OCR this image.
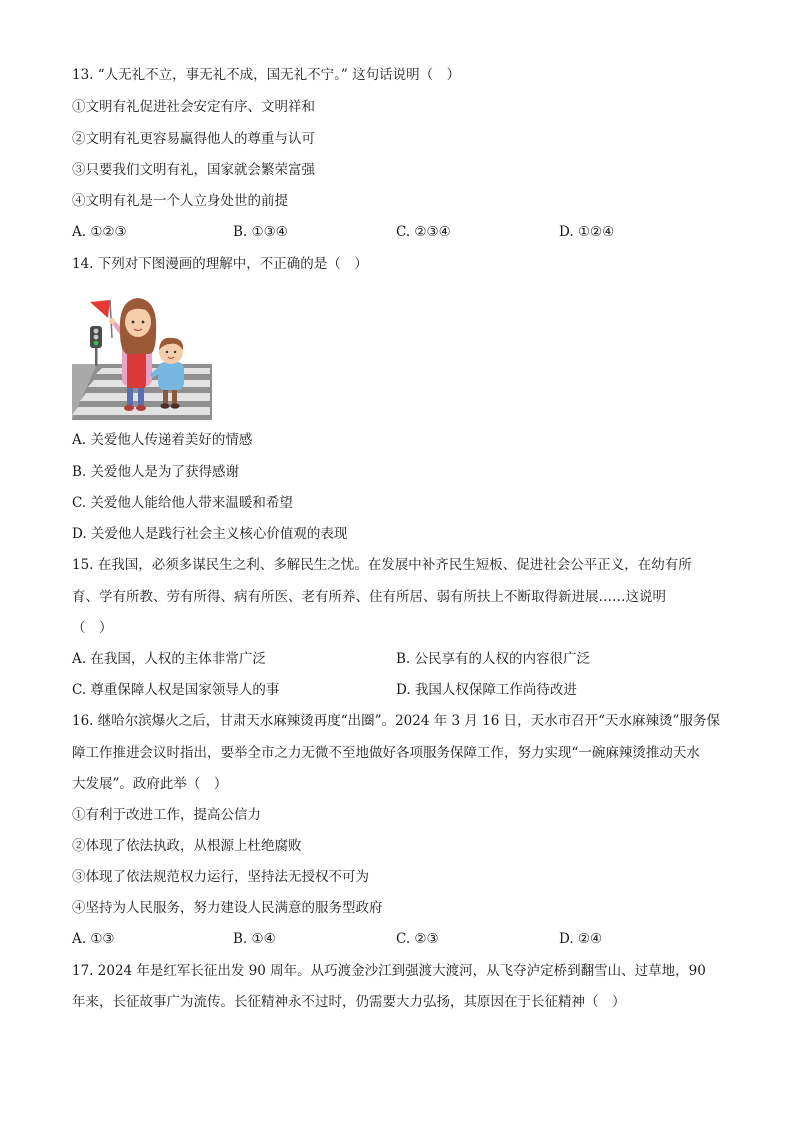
13. “人无礼不立，事无礼不成，国无礼不宁。” 这句话说明（　）
①文明有礼促进社会安定有序、文明祥和
②文明有礼更容易赢得他人的尊重与认可
③只要我们文明有礼，国家就会繁荣富强
④文明有礼是一个人立身处世的前提
A. ①②③	B. ①③④	C. ②③④	D. ①②④
14. 下列对下图漫画的理解中，不正确的是（　）
A. 关爱他人传递着美好的情感
B. 关爱他人是为了获得感谢
C. 关爱他人能给他人带来温暖和希望
D. 关爱他人是践行社会主义核心价值观的表现
15. 在我国，必须多谋民生之利、多解民生之忧。在发展中补齐民生短板、促进社会公平正义，在幼有所
育、学有所教、劳有所得、病有所医、老有所养、住有所居、弱有所扶上不断取得新进展……这说明
（　）
A. 在我国，人权的主体非常广泛	B. 公民享有的人权的内容很广泛
C. 尊重保障人权是国家领导人的事	D. 我国人权保障工作尚待改进
16. 继哈尔滨爆火之后，甘肃天水麻辣烫再度“出圈”。2024 年 3 月 16 日，天水市召开“天水麻辣烫”服务保
障工作推进会议时指出，要举全市之力无微不至地做好各项服务保障工作，努力实现“一碗麻辣烫推动天水
大发展”。政府此举（　）
①有利于改进工作，提高公信力
②体现了依法执政，从根源上杜绝腐败
③体现了依法规范权力运行，坚持法无授权不可为
④坚持为人民服务，努力建设人民满意的服务型政府
A. ①③	B. ①④	C. ②③	D. ②④
17. 2024 年是红军长征出发 90 周年。从巧渡金沙江到强渡大渡河，从飞夺泸定桥到翻雪山、过草地，90
年来，长征故事广为流传。长征精神永不过时，仍需要大力弘扬，其原因在于长征精神（　）
